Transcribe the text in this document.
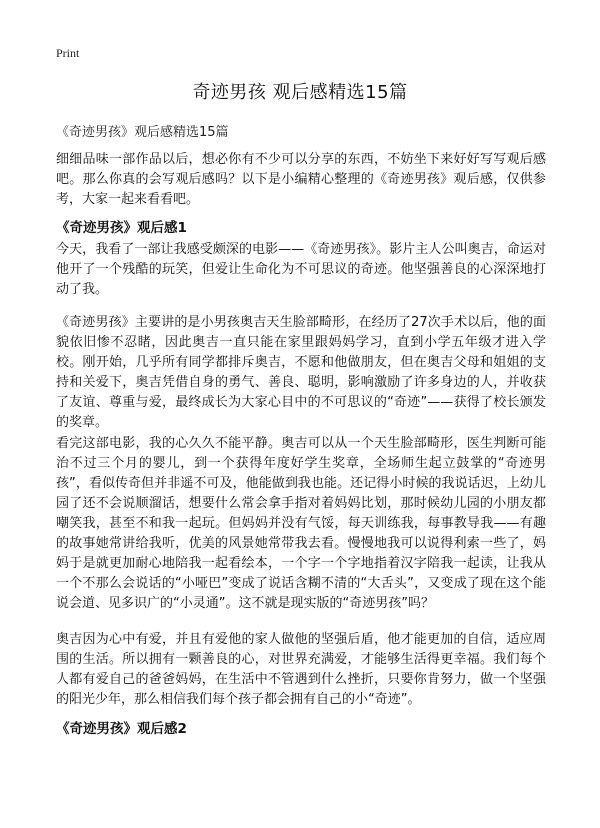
Print
奇迹男孩 观后感精选15篇
《奇迹男孩》观后感精选15篇

细细品味一部作品以后，想必你有不少可以分享的东西，不妨坐下来好好写写观后感吧。那么你真的会写观后感吗？以下是小编精心整理的《奇迹男孩》观后感，仅供参考，大家一起来看看吧。

《奇迹男孩》观后感1

今天，我看了一部让我感受颇深的电影——《奇迹男孩》。影片主人公叫奥吉，命运对他开了一个残酷的玩笑，但爱让生命化为不可思议的奇迹。他坚强善良的心深深地打动了我。

《奇迹男孩》主要讲的是小男孩奥吉天生脸部畸形，在经历了27次手术以后，他的面貌依旧惨不忍睹，因此奥吉一直只能在家里跟妈妈学习，直到小学五年级才进入学校。刚开始，几乎所有同学都排斥奥吉，不愿和他做朋友，但在奥吉父母和姐姐的支持和关爱下，奥吉凭借自身的勇气、善良、聪明，影响激励了许多身边的人，并收获了友谊、尊重与爱，最终成长为大家心目中的不可思议的“奇迹”——获得了校长颁发的奖章。

看完这部电影，我的心久久不能平静。奥吉可以从一个天生脸部畸形，医生判断可能治不过三个月的婴儿，到一个获得年度好学生奖章，全场师生起立鼓掌的“奇迹男孩”，看似传奇但并非遥不可及，他能做到我也能。还记得小时候的我说话迟，上幼儿园了还不会说顺溜话，想要什么常会拿手指对着妈妈比划，那时候幼儿园的小朋友都嘲笑我，甚至不和我一起玩。但妈妈并没有气馁，每天训练我，每事教导我——有趣的故事她常讲给我听，优美的风景她常带我去看。慢慢地我可以说得利索一些了，妈妈于是就更加耐心地陪我一起看绘本，一个字一个字地指着汉字陪我一起读，让我从一个不那么会说话的“小哑巴”变成了说话含糊不清的“大舌头”，又变成了现在这个能说会道、见多识广的“小灵通”。这不就是现实版的“奇迹男孩”吗？

奥吉因为心中有爱，并且有爱他的家人做他的坚强后盾，他才能更加的自信，适应周围的生活。所以拥有一颗善良的心，对世界充满爱，才能够生活得更幸福。我们每个人都有爱自己的爸爸妈妈，在生活中不管遇到什么挫折，只要你肯努力，做一个坚强的阳光少年，那么相信我们每个孩子都会拥有自己的小“奇迹”。

《奇迹男孩》观后感2
